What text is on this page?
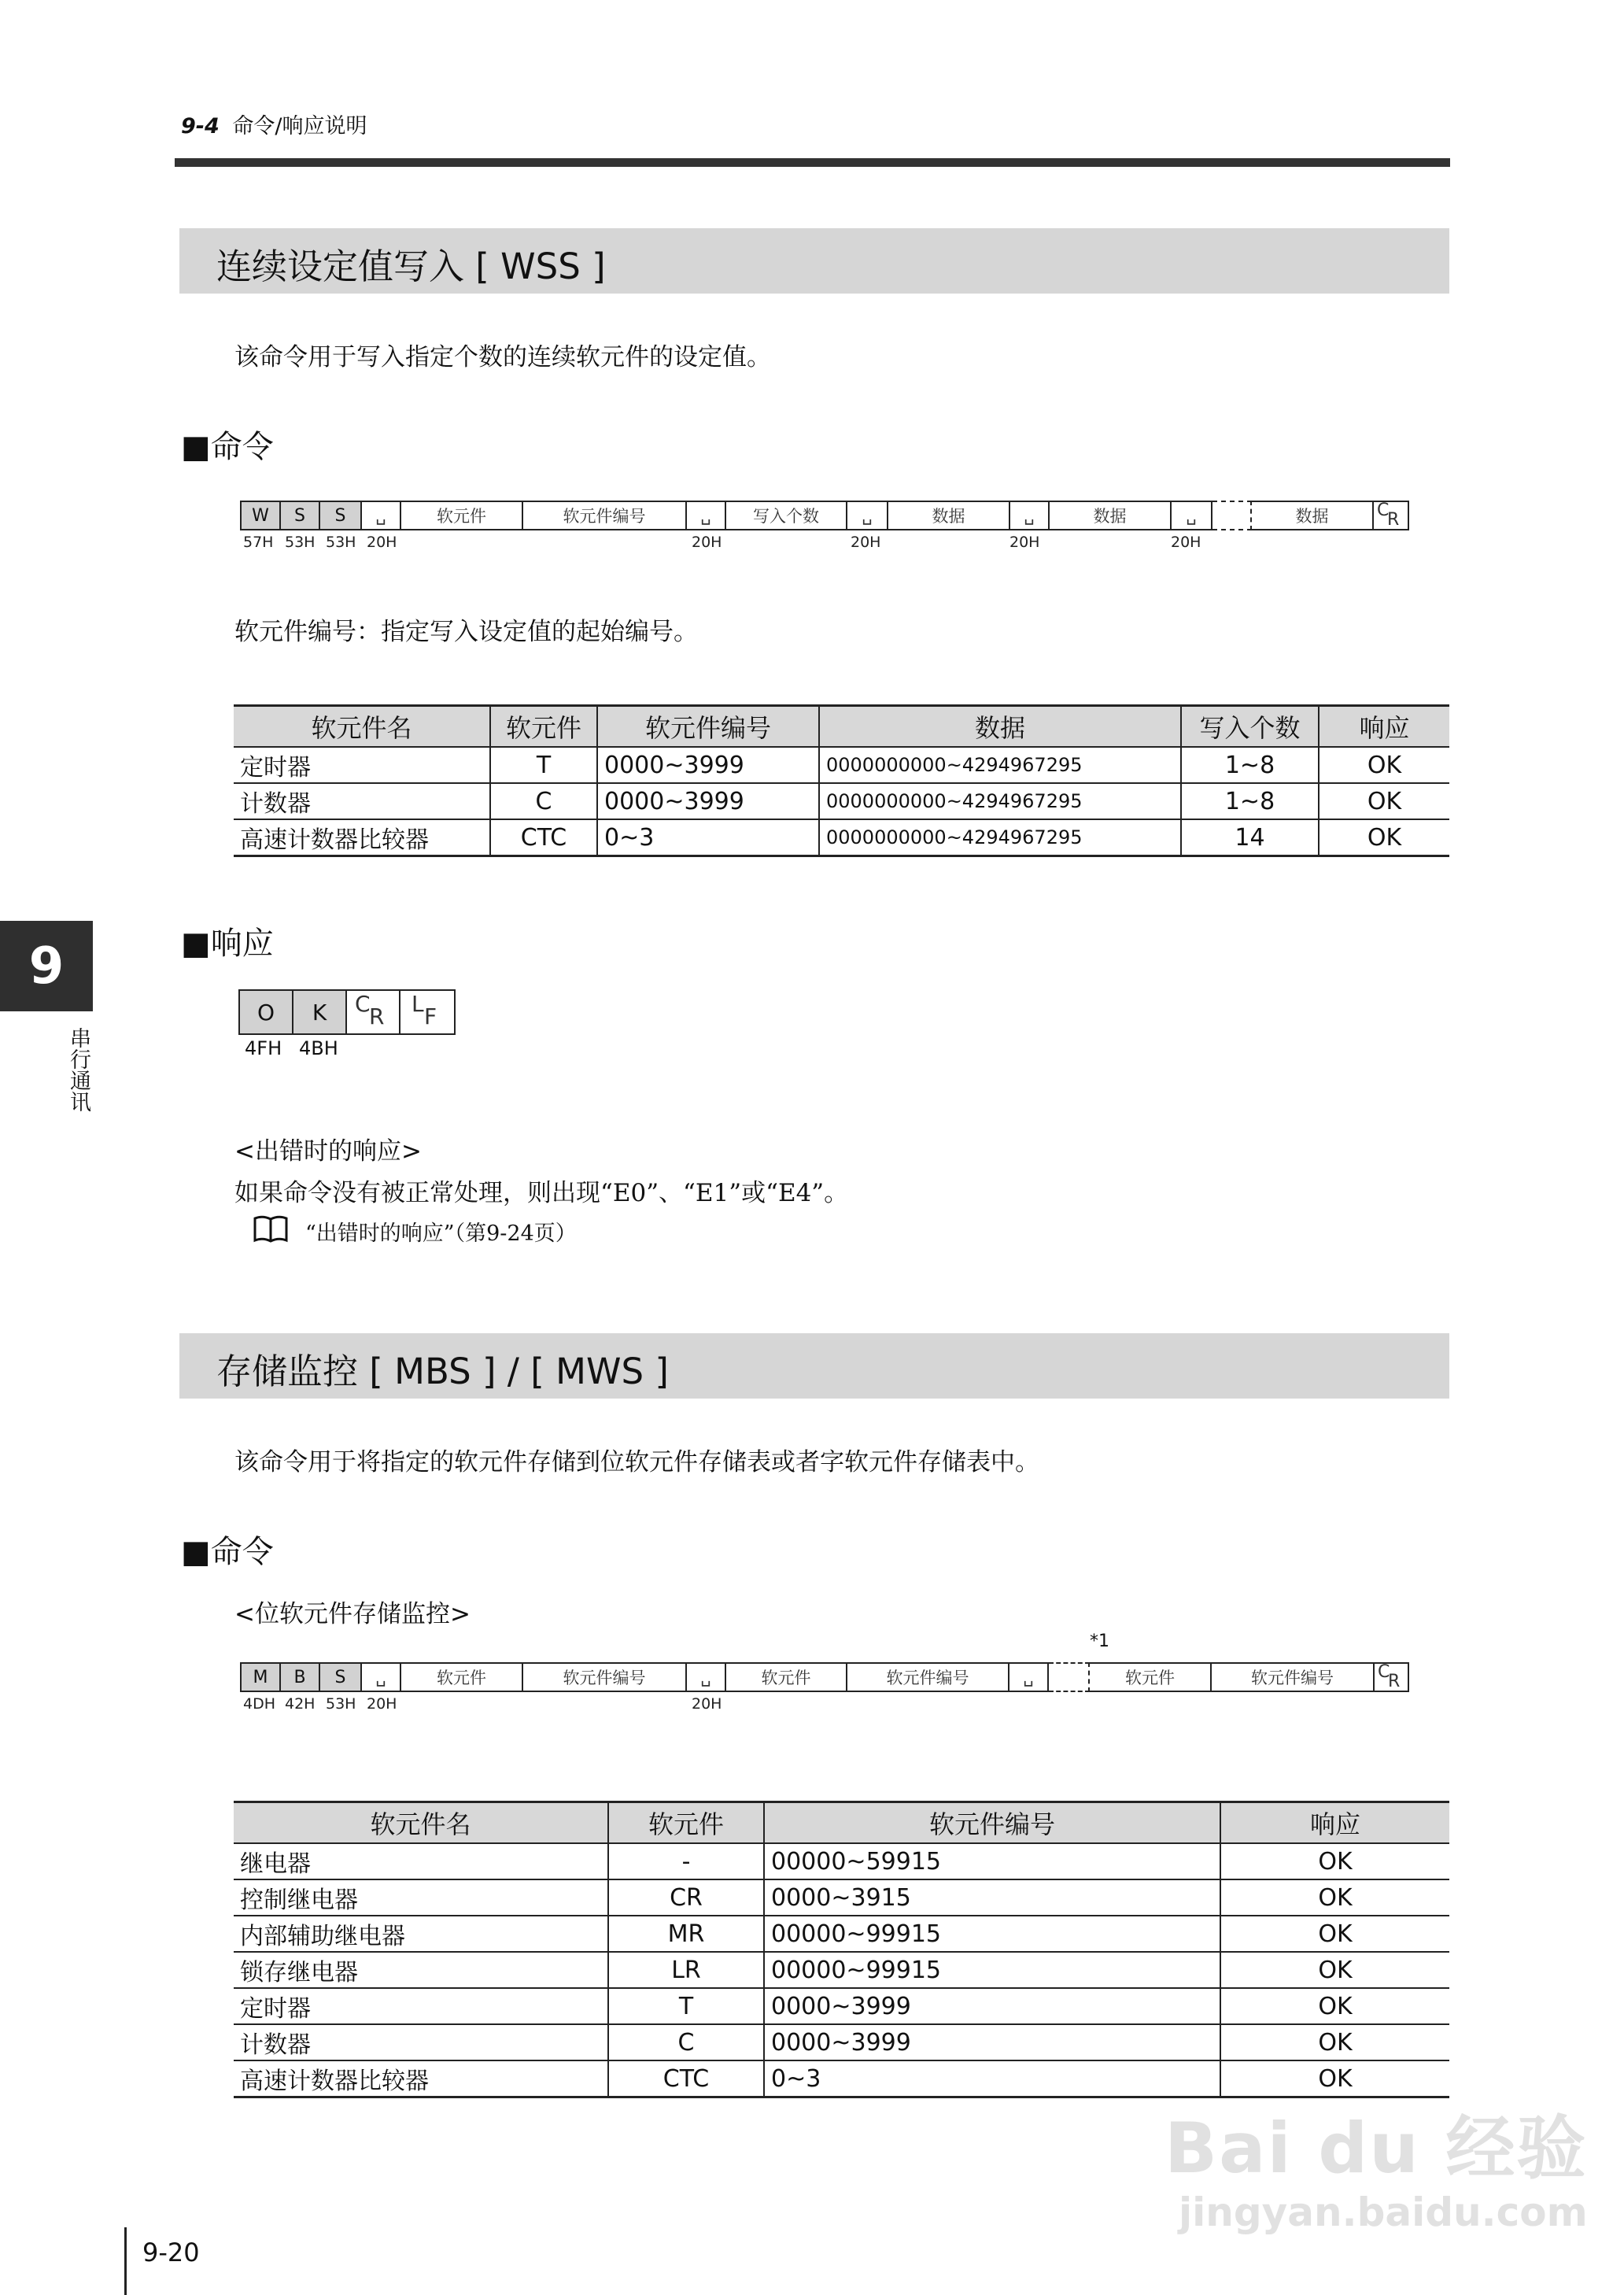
9-4 命令/响应说明
9
串行通讯
连续设定值写入 [ WSS ]
该命令用于写入指定个数的连续软元件的设定值。
■命令
W	S	S	␣	软元件	软元件编号	␣	写入个数	␣	数据	␣	数据	␣	数据	C
R
57H 53H 53H 20H	20H	20H	20H	20H
软元件编号：指定写入设定值的起始编号。
软元件名	软元件	软元件编号	数据	写入个数	响应
定时器	T	0000~3999	0000000000~4294967295	1~8	OK
计数器	C	0000~3999	0000000000~4294967295	1~8	OK
高速计数器比较器	CTC	0~3	0000000000~4294967295	14	OK
■响应
O	K	C
R L F
4FH 4BH
<出错时的响应>
如果命令没有被正常处理，则出现“E0”、“E1”或“E4”。
“出错时的响应”（第9-24页）
存储监控 [ MBS ] / [ MWS ]
该命令用于将指定的软元件存储到位软元件存储表或者字软元件存储表中。
■命令
<位软元件存储监控>
*1
M	B	S	␣	软元件	软元件编号	␣	软元件	软元件编号	␣	软元件	软元件编号	C
R
4DH 42H 53H 20H	20H
软元件名	软元件	软元件编号	响应
继电器	-	00000~59915	OK
控制继电器	CR	0000~3915	OK
内部辅助继电器	MR	00000~99915	OK
锁存继电器	LR	00000~99915	OK
定时器	T	0000~3999	OK
计数器	C	0000~3999	OK
高速计数器比较器	CTC	0~3	OK
Bai du 经验
jingyan.baidu.com
9-20
